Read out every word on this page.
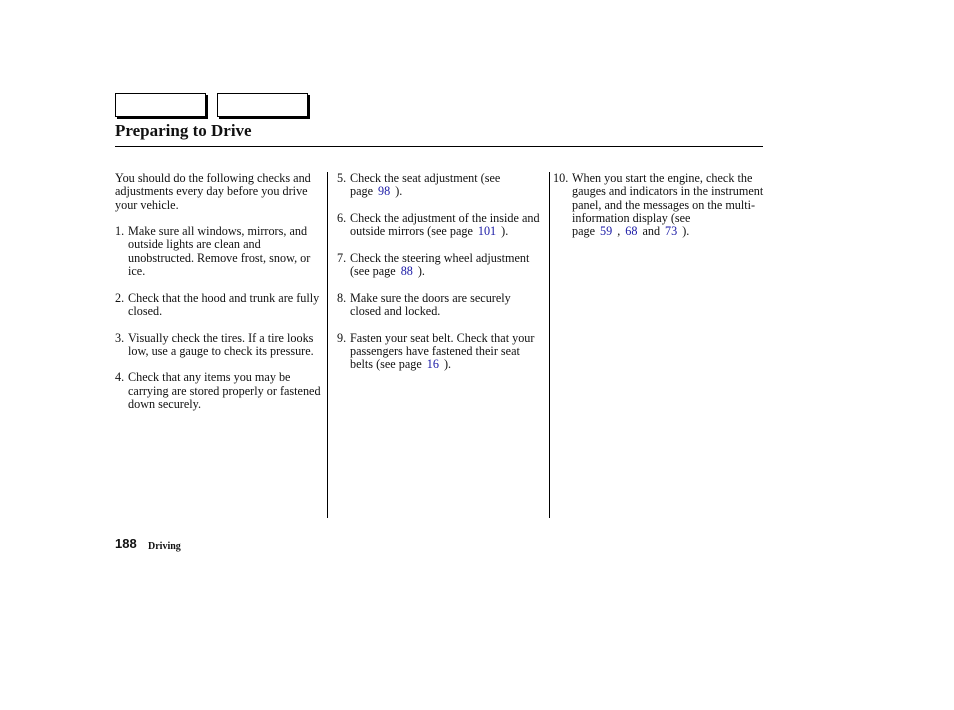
Preparing to Drive

You should do the following checks and adjustments every day before you drive your vehicle.

1. Make sure all windows, mirrors, and outside lights are clean and unobstructed. Remove frost, snow, or ice.
2. Check that the hood and trunk are fully closed.
3. Visually check the tires. If a tire looks low, use a gauge to check its pressure.
4. Check that any items you may be carrying are stored properly or fastened down securely.
5. Check the seat adjustment (see page 98 ).
6. Check the adjustment of the inside and outside mirrors (see page 101 ).
7. Check the steering wheel adjustment (see page 88 ).
8. Make sure the doors are securely closed and locked.
9. Fasten your seat belt. Check that your passengers have fastened their seat belts (see page 16 ).
10. When you start the engine, check the gauges and indicators in the instrument panel, and the messages on the multi-information display (see page 59 , 68 and 73 ).
188 Driving
